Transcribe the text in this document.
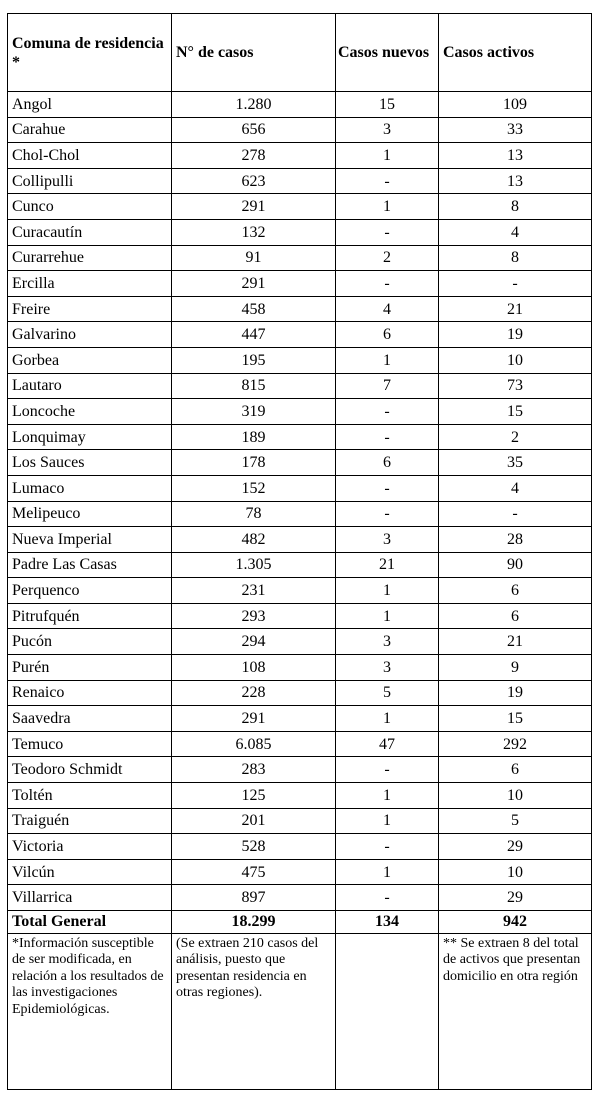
Comuna de residencia *	N° de casos	Casos nuevos	Casos activos
Angol	1.280	15	109
Carahue	656	3	33
Chol-Chol	278	1	13
Collipulli	623	-	13
Cunco	291	1	8
Curacautín	132	-	4
Curarrehue	91	2	8
Ercilla	291	-	-
Freire	458	4	21
Galvarino	447	6	19
Gorbea	195	1	10
Lautaro	815	7	73
Loncoche	319	-	15
Lonquimay	189	-	2
Los Sauces	178	6	35
Lumaco	152	-	4
Melipeuco	78	-	-
Nueva Imperial	482	3	28
Padre Las Casas	1.305	21	90
Perquenco	231	1	6
Pitrufquén	293	1	6
Pucón	294	3	21
Purén	108	3	9
Renaico	228	5	19
Saavedra	291	1	15
Temuco	6.085	47	292
Teodoro Schmidt	283	-	6
Toltén	125	1	10
Traiguén	201	1	5
Victoria	528	-	29
Vilcún	475	1	10
Villarrica	897	-	29
Total General	18.299	134	942
*Información susceptible de ser modificada, en relación a los resultados de las investigaciones Epidemiológicas.	(Se extraen 210 casos del análisis, puesto que presentan residencia en otras regiones).		** Se extraen 8 del total de activos que presentan domicilio en otra región
